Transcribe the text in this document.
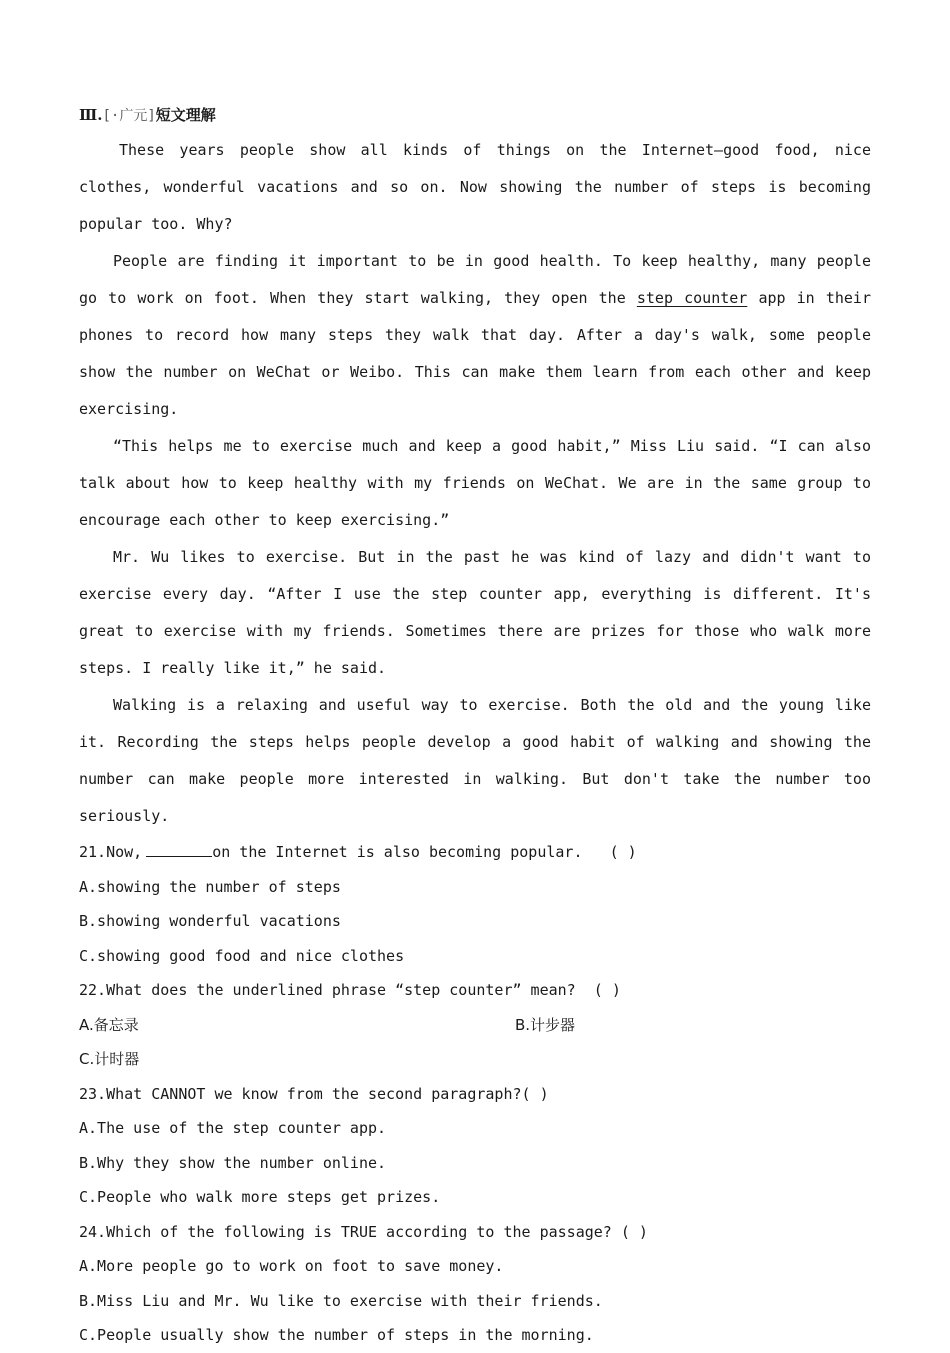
Ⅲ.[·广元]短文理解

These years people show all kinds of things on the Internet—good food, nice clothes, wonderful vacations and so on. Now showing the number of steps is becoming popular too. Why?

People are finding it important to be in good health. To keep healthy, many people go to work on foot. When they start walking, they open the step counter app in their phones to record how many steps they walk that day. After a day's walk, some people show the number on WeChat or Weibo. This can make them learn from each other and keep exercising.

“This helps me to exercise much and keep a good habit,” Miss Liu said. “I can also talk about how to keep healthy with my friends on WeChat. We are in the same group to encourage each other to keep exercising.”

Mr. Wu likes to exercise. But in the past he was kind of lazy and didn't want to exercise every day. “After I use the step counter app, everything is different. It's great to exercise with my friends. Sometimes there are prizes for those who walk more steps. I really like it,” he said.

Walking is a relaxing and useful way to exercise. Both the old and the young like it. Recording the steps helps people develop a good habit of walking and showing the number can make people more interested in walking. But don't take the number too seriously.

21.Now,	on the Internet is also becoming popular. ( )
A.showing the number of steps
B.showing wonderful vacations
C.showing good food and nice clothes
22.What does the underlined phrase “step counter” mean? ( )
A.备忘录	B.计步器
C.计时器
23.What CANNOT we know from the second paragraph?( )
A.The use of the step counter app.
B.Why they show the number online.
C.People who walk more steps get prizes.
24.Which of the following is TRUE according to the passage? ( )
A.More people go to work on foot to save money.
B.Miss Liu and Mr. Wu like to exercise with their friends.
C.People usually show the number of steps in the morning.
